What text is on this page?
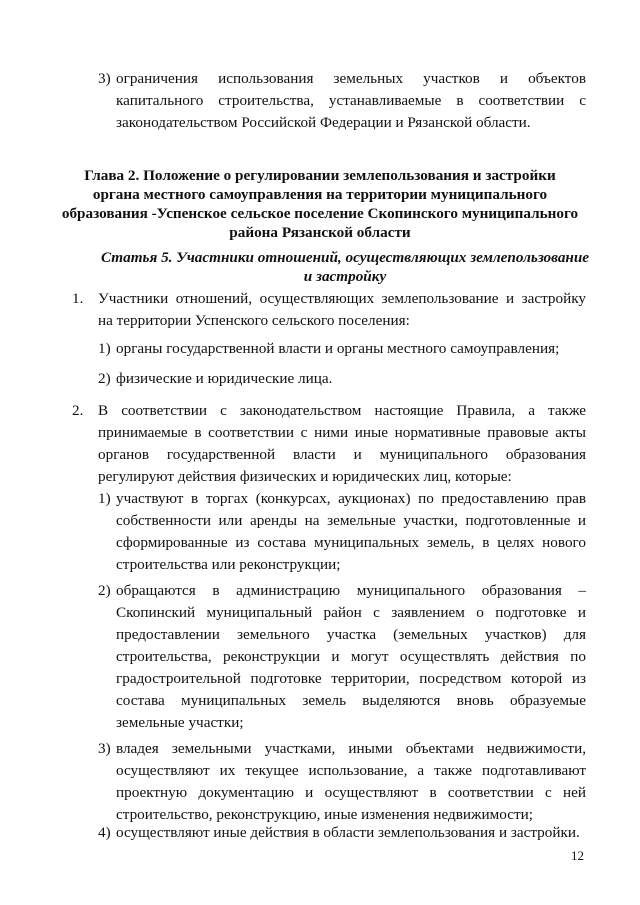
3) ограничения использования земельных участков и объектов капитального строительства, устанавливаемые в соответствии с законодательством Российской Федерации и Рязанской области.

Глава 2. Положение о регулировании землепользования и застройки органа местного самоуправления на территории муниципального образования -Успенское сельское поселение Скопинского муниципального района Рязанской области

Статья 5. Участники отношений, осуществляющих землепользование и застройку

1. Участники отношений, осуществляющих землепользование и застройку на территории Успенского сельского поселения:

1) органы государственной власти и органы местного самоуправления;

2) физические и юридические лица.

2. В соответствии с законодательством настоящие Правила, а также принимаемые в соответствии с ними иные нормативные правовые акты органов государственной власти и муниципального образования регулируют действия физических и юридических лиц, которые:

1) участвуют в торгах (конкурсах, аукционах) по предоставлению прав собственности или аренды на земельные участки, подготовленные и сформированные из состава муниципальных земель, в целях нового строительства или реконструкции;

2) обращаются в администрацию муниципального образования – Скопинский муниципальный район с заявлением о подготовке и предоставлении земельного участка (земельных участков) для строительства, реконструкции и могут осуществлять действия по градостроительной подготовке территории, посредством которой из состава муниципальных земель выделяются вновь образуемые земельные участки;

3) владея земельными участками, иными объектами недвижимости, осуществляют их текущее использование, а также подготавливают проектную документацию и осуществляют в соответствии с ней строительство, реконструкцию, иные изменения недвижимости;

4) осуществляют иные действия в области землепользования и застройки.

12
